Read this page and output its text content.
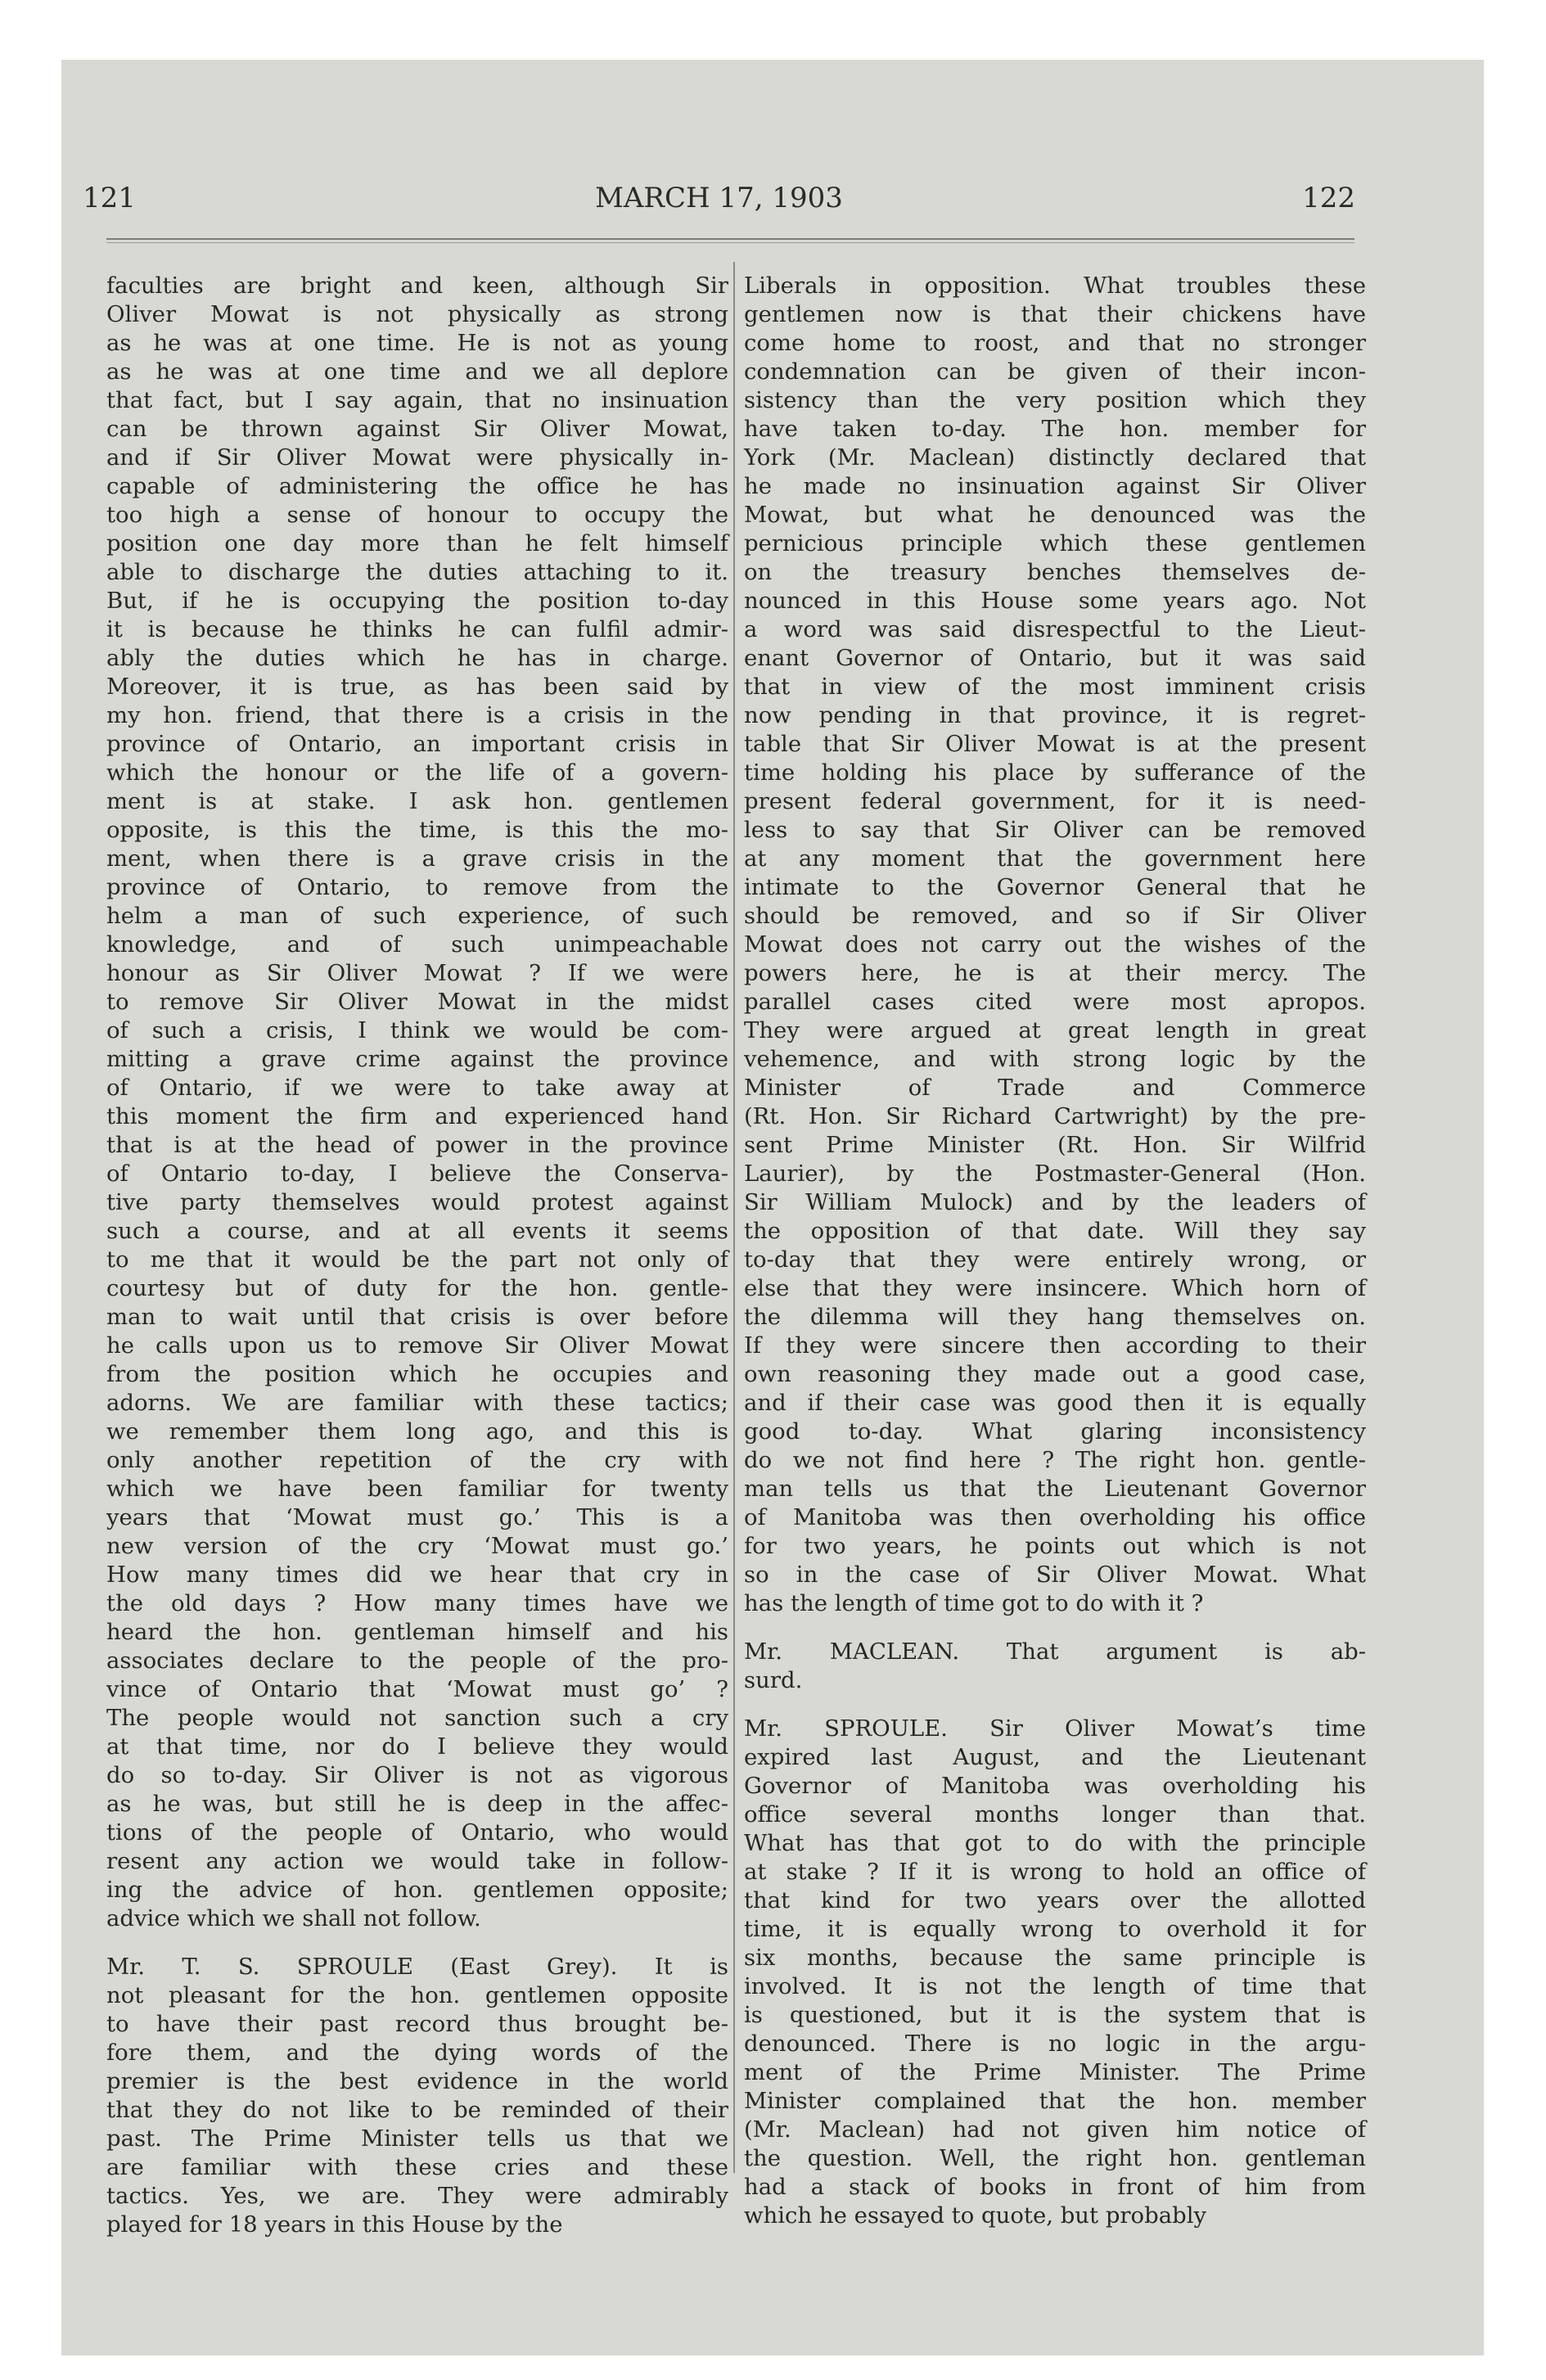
121	MARCH 17, 1903	122
faculties are bright and keen, although Sir
Oliver Mowat is not physically as strong
as he was at one time. He is not as young
as he was at one time and we all deplore
that fact, but I say again, that no insinuation
can be thrown against Sir Oliver Mowat,
and if Sir Oliver Mowat were physically in-
capable of administering the office he has
too high a sense of honour to occupy the
position one day more than he felt himself
able to discharge the duties attaching to it.
But, if he is occupying the position to-day
it is because he thinks he can fulfil admir-
ably the duties which he has in charge.
Moreover, it is true, as has been said by
my hon. friend, that there is a crisis in the
province of Ontario, an important crisis in
which the honour or the life of a govern-
ment is at stake. I ask hon. gentlemen
opposite, is this the time, is this the mo-
ment, when there is a grave crisis in the
province of Ontario, to remove from the
helm a man of such experience, of such
knowledge, and of such unimpeachable
honour as Sir Oliver Mowat ? If we were
to remove Sir Oliver Mowat in the midst
of such a crisis, I think we would be com-
mitting a grave crime against the province
of Ontario, if we were to take away at
this moment the firm and experienced hand
that is at the head of power in the province
of Ontario to-day, I believe the Conserva-
tive party themselves would protest against
such a course, and at all events it seems
to me that it would be the part not only of
courtesy but of duty for the hon. gentle-
man to wait until that crisis is over before
he calls upon us to remove Sir Oliver Mowat
from the position which he occupies and
adorns. We are familiar with these tactics;
we remember them long ago, and this is
only another repetition of the cry with
which we have been familiar for twenty
years that ‘Mowat must go.’ This is a
new version of the cry ‘Mowat must go.’
How many times did we hear that cry in
the old days ? How many times have we
heard the hon. gentleman himself and his
associates declare to the people of the pro-
vince of Ontario that ‘Mowat must go’ ?
The people would not sanction such a cry
at that time, nor do I believe they would
do so to-day. Sir Oliver is not as vigorous
as he was, but still he is deep in the affec-
tions of the people of Ontario, who would
resent any action we would take in follow-
ing the advice of hon. gentlemen opposite;
advice which we shall not follow.
Mr. T. S. SPROULE (East Grey). It is
not pleasant for the hon. gentlemen opposite
to have their past record thus brought be-
fore them, and the dying words of the
premier is the best evidence in the world
that they do not like to be reminded of their
past. The Prime Minister tells us that we
are familiar with these cries and these
tactics. Yes, we are. They were admirably
played for 18 years in this House by the
Liberals in opposition. What troubles these
gentlemen now is that their chickens have
come home to roost, and that no stronger
condemnation can be given of their incon-
sistency than the very position which they
have taken to-day. The hon. member for
York (Mr. Maclean) distinctly declared that
he made no insinuation against Sir Oliver
Mowat, but what he denounced was the
pernicious principle which these gentlemen
on the treasury benches themselves de-
nounced in this House some years ago. Not
a word was said disrespectful to the Lieut-
enant Governor of Ontario, but it was said
that in view of the most imminent crisis
now pending in that province, it is regret-
table that Sir Oliver Mowat is at the present
time holding his place by sufferance of the
present federal government, for it is need-
less to say that Sir Oliver can be removed
at any moment that the government here
intimate to the Governor General that he
should be removed, and so if Sir Oliver
Mowat does not carry out the wishes of the
powers here, he is at their mercy. The
parallel cases cited were most apropos.
They were argued at great length in great
vehemence, and with strong logic by the
Minister of Trade and Commerce
(Rt. Hon. Sir Richard Cartwright) by the pre-
sent Prime Minister (Rt. Hon. Sir Wilfrid
Laurier), by the Postmaster-General (Hon.
Sir William Mulock) and by the leaders of
the opposition of that date. Will they say
to-day that they were entirely wrong, or
else that they were insincere. Which horn of
the dilemma will they hang themselves on.
If they were sincere then according to their
own reasoning they made out a good case,
and if their case was good then it is equally
good to-day. What glaring inconsistency
do we not find here ? The right hon. gentle-
man tells us that the Lieutenant Governor
of Manitoba was then overholding his office
for two years, he points out which is not
so in the case of Sir Oliver Mowat. What
has the length of time got to do with it ?
Mr. MACLEAN. That argument is ab-
surd.
Mr. SPROULE. Sir Oliver Mowat’s time
expired last August, and the Lieutenant
Governor of Manitoba was overholding his
office several months longer than that.
What has that got to do with the principle
at stake ? If it is wrong to hold an office of
that kind for two years over the allotted
time, it is equally wrong to overhold it for
six months, because the same principle is
involved. It is not the length of time that
is questioned, but it is the system that is
denounced. There is no logic in the argu-
ment of the Prime Minister. The Prime
Minister complained that the hon. member
(Mr. Maclean) had not given him notice of
the question. Well, the right hon. gentleman
had a stack of books in front of him from
which he essayed to quote, but probably
